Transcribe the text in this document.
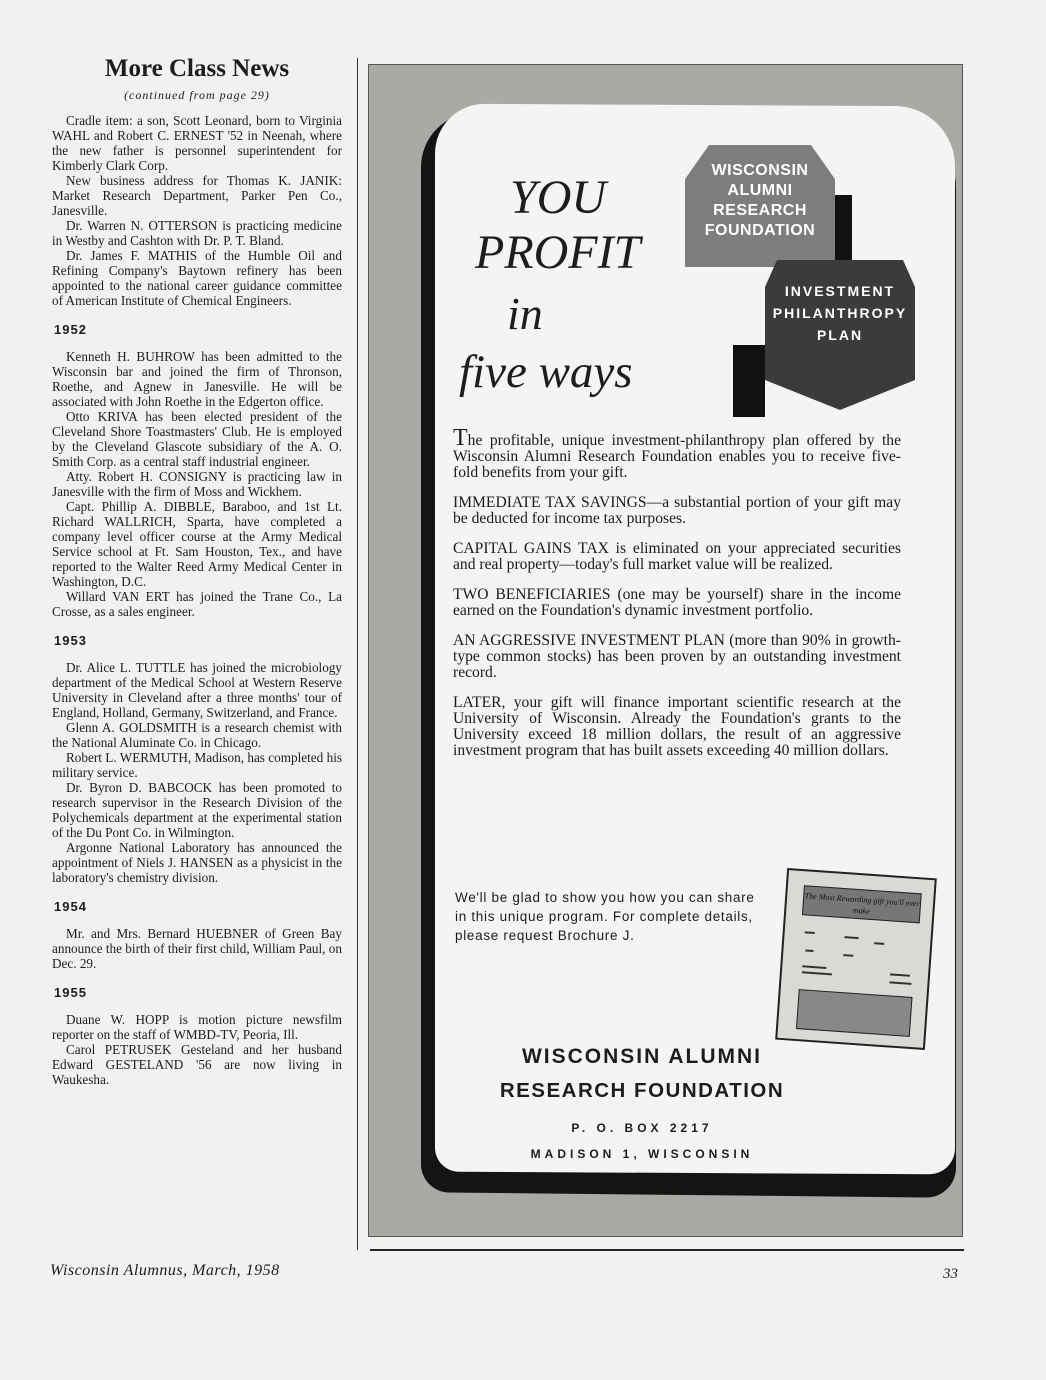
More Class News
(continued from page 29)

Cradle item: a son, Scott Leonard, born to Virginia WAHL and Robert C. ERNEST '52 in Neenah, where the new father is personnel superintendent for Kimberly Clark Corp.

New business address for Thomas K. JANIK: Market Research Department, Parker Pen Co., Janesville.

Dr. Warren N. OTTERSON is practicing medicine in Westby and Cashton with Dr. P. T. Bland.

Dr. James F. MATHIS of the Humble Oil and Refining Company's Baytown refinery has been appointed to the national career guidance committee of American Institute of Chemical Engineers.

1952

Kenneth H. BUHROW has been admitted to the Wisconsin bar and joined the firm of Thronson, Roethe, and Agnew in Janesville. He will be associated with John Roethe in the Edgerton office.

Otto KRIVA has been elected president of the Cleveland Shore Toastmasters' Club. He is employed by the Cleveland Glascote subsidiary of the A. O. Smith Corp. as a central staff industrial engineer.

Atty. Robert H. CONSIGNY is practicing law in Janesville with the firm of Moss and Wickhem.

Capt. Phillip A. DIBBLE, Baraboo, and 1st Lt. Richard WALLRICH, Sparta, have completed a company level officer course at the Army Medical Service school at Ft. Sam Houston, Tex., and have reported to the Walter Reed Army Medical Center in Washington, D.C.

Willard VAN ERT has joined the Trane Co., La Crosse, as a sales engineer.

1953

Dr. Alice L. TUTTLE has joined the microbiology department of the Medical School at Western Reserve University in Cleveland after a three months' tour of England, Holland, Germany, Switzerland, and France.

Glenn A. GOLDSMITH is a research chemist with the National Aluminate Co. in Chicago.

Robert L. WERMUTH, Madison, has completed his military service.

Dr. Byron D. BABCOCK has been promoted to research supervisor in the Research Division of the Polychemicals department at the experimental station of the Du Pont Co. in Wilmington.

Argonne National Laboratory has announced the appointment of Niels J. HANSEN as a physicist in the laboratory's chemistry division.

1954

Mr. and Mrs. Bernard HUEBNER of Green Bay announce the birth of their first child, William Paul, on Dec. 29.

1955

Duane W. HOPP is motion picture newsfilm reporter on the staff of WMBD-TV, Peoria, Ill.

Carol PETRUSEK Gesteland and her husband Edward GESTELAND '56 are now living in Waukesha.

Wisconsin Alumnus, March, 1958	33
YOU
PROFIT
in
five ways
WISCONSIN
ALUMNI
RESEARCH
FOUNDATION
INVESTMENT
PHILANTHROPY
PLAN

The profitable, unique investment-philanthropy plan offered by the Wisconsin Alumni Research Foundation enables you to receive five-fold benefits from your gift.

IMMEDIATE TAX SAVINGS—a substantial portion of your gift may be deducted for income tax purposes.

CAPITAL GAINS TAX is eliminated on your appreciated securities and real property—today's full market value will be realized.

TWO BENEFICIARIES (one may be yourself) share in the income earned on the Foundation's dynamic investment portfolio.

AN AGGRESSIVE INVESTMENT PLAN (more than 90% in growth-type common stocks) has been proven by an outstanding investment record.

LATER, your gift will finance important scientific research at the University of Wisconsin. Already the Foundation's grants to the University exceed 18 million dollars, the result of an aggressive investment program that has built assets exceeding 40 million dollars.

We'll be glad to show you how you can share in this unique program. For complete details, please request Brochure J.
The Most Rewarding gift you'll ever make
WISCONSIN ALUMNI
RESEARCH FOUNDATION
P. O. BOX 2217
MADISON 1, WISCONSIN
